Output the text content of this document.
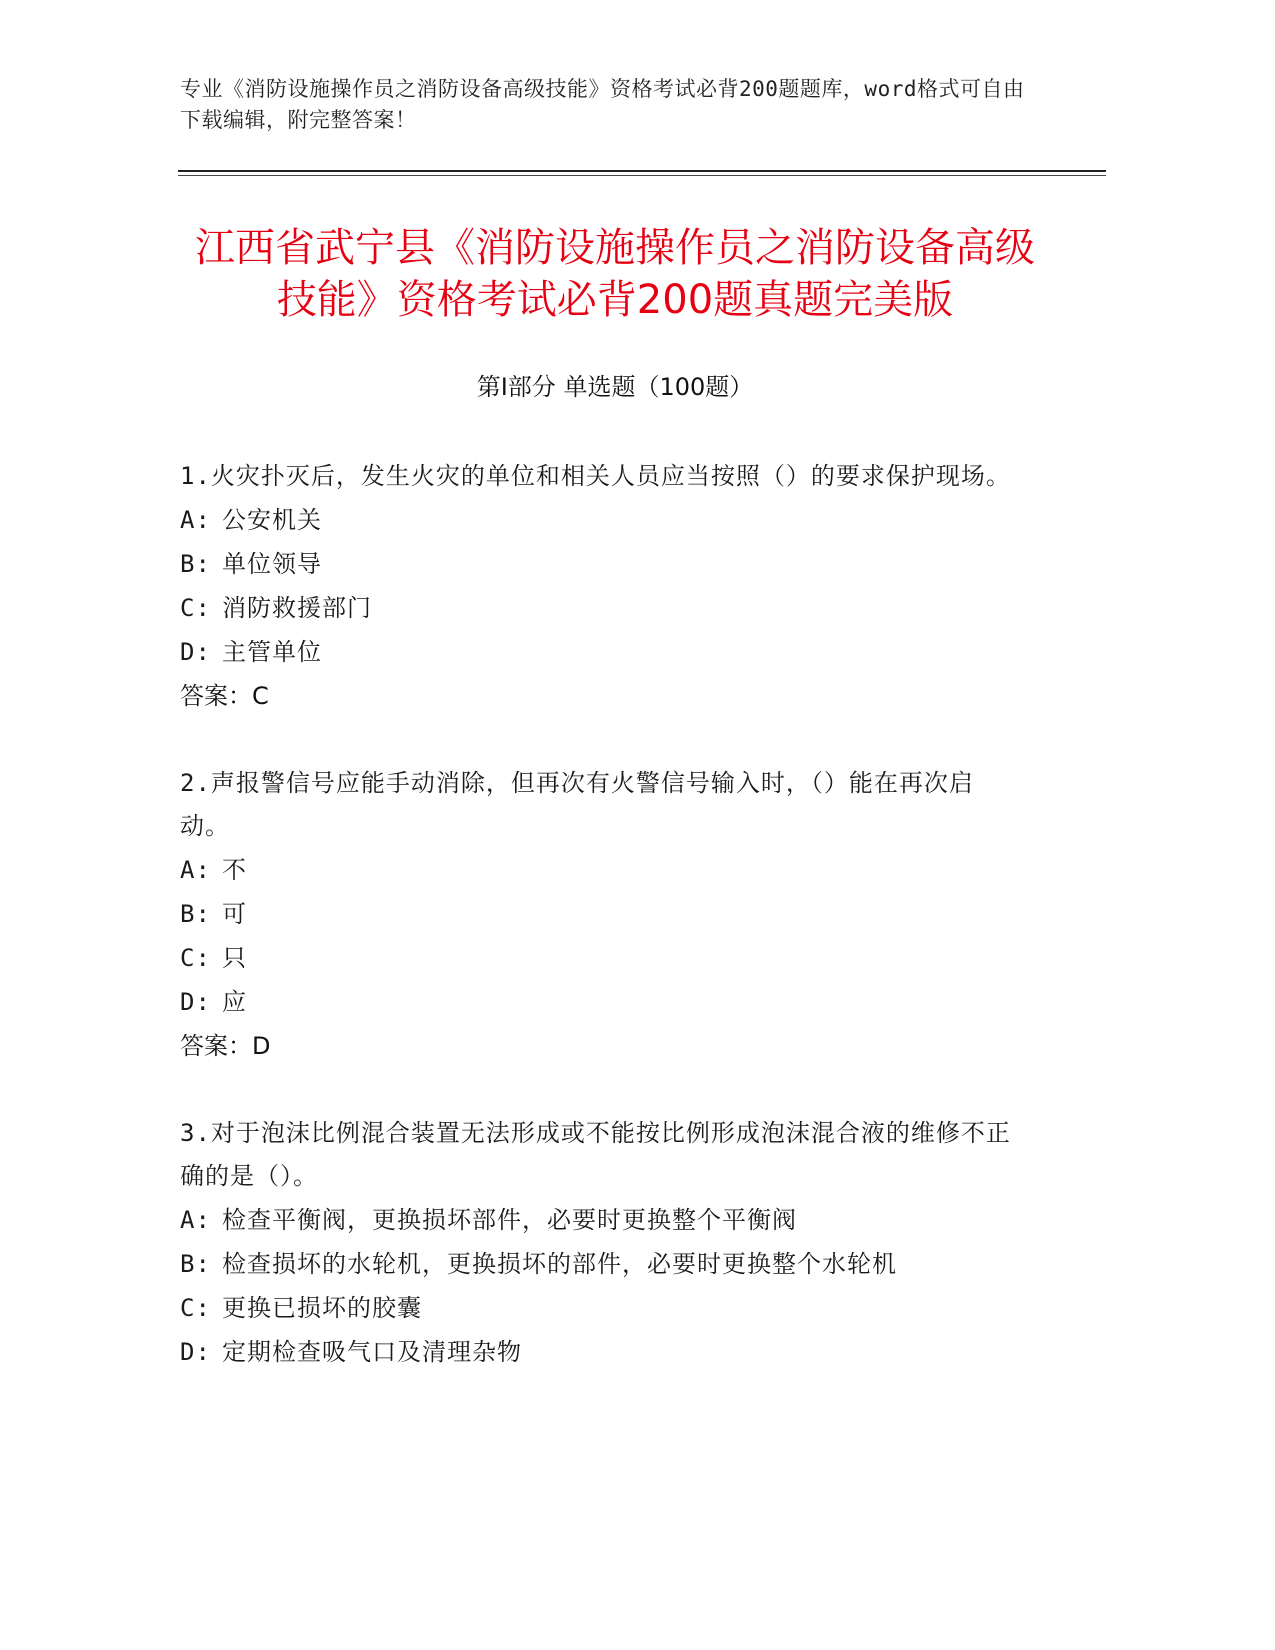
专业《消防设施操作员之消防设备高级技能》资格考试必背200题题库，word格式可自由下载编辑，附完整答案！
江西省武宁县《消防设施操作员之消防设备高级技能》资格考试必背200题真题完美版
第Ⅰ部分 单选题（100题）
1.火灾扑灭后，发生火灾的单位和相关人员应当按照（）的要求保护现场。
A: 公安机关
B: 单位领导
C: 消防救援部门
D: 主管单位
答案：C
2.声报警信号应能手动消除，但再次有火警信号输入时，（）能在再次启动。
A: 不
B: 可
C: 只
D: 应
答案：D
3.对于泡沫比例混合装置无法形成或不能按比例形成泡沫混合液的维修不正确的是（）。
A: 检查平衡阀，更换损坏部件，必要时更换整个平衡阀
B: 检查损坏的水轮机，更换损坏的部件，必要时更换整个水轮机
C: 更换已损坏的胶囊
D: 定期检查吸气口及清理杂物
